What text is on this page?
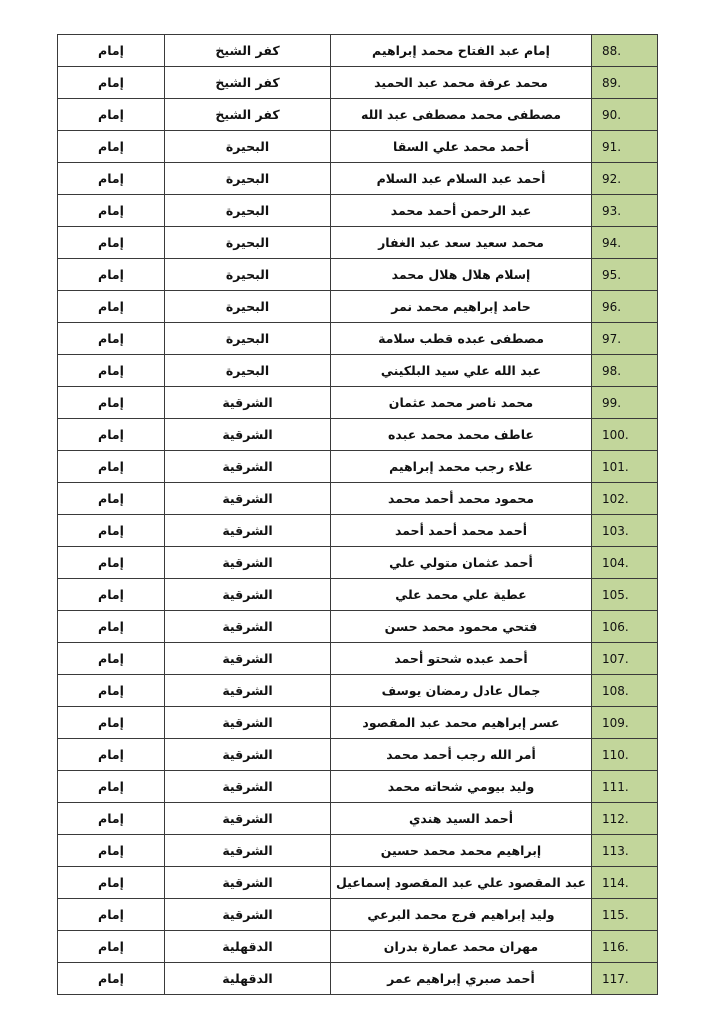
88.	إمام عبد الفتاح محمد إبراهيم	كفر الشيخ	إمام
89.	محمد عرفة محمد عبد الحميد	كفر الشيخ	إمام
90.	مصطفى محمد مصطفى عبد الله	كفر الشيخ	إمام
91.	أحمد محمد علي السقا	البحيرة	إمام
92.	أحمد عبد السلام عبد السلام	البحيرة	إمام
93.	عبد الرحمن أحمد محمد	البحيرة	إمام
94.	محمد سعيد سعد عبد الغفار	البحيرة	إمام
95.	إسلام هلال هلال محمد	البحيرة	إمام
96.	حامد إبراهيم محمد نمر	البحيرة	إمام
97.	مصطفى عبده قطب سلامة	البحيرة	إمام
98.	عبد الله علي سيد البلكيني	البحيرة	إمام
99.	محمد ناصر محمد عثمان	الشرقية	إمام
100.	عاطف محمد محمد عبده	الشرقية	إمام
101.	علاء رجب محمد إبراهيم	الشرقية	إمام
102.	محمود محمد أحمد محمد	الشرقية	إمام
103.	أحمد محمد أحمد أحمد	الشرقية	إمام
104.	أحمد عثمان متولي علي	الشرقية	إمام
105.	عطية علي محمد علي	الشرقية	إمام
106.	فتحي محمود محمد حسن	الشرقية	إمام
107.	أحمد عبده شحتو أحمد	الشرقية	إمام
108.	جمال عادل رمضان يوسف	الشرقية	إمام
109.	عسر إبراهيم محمد عبد المقصود	الشرقية	إمام
110.	أمر الله رجب أحمد محمد	الشرقية	إمام
111.	وليد بيومي شحاته محمد	الشرقية	إمام
112.	أحمد السيد هندي	الشرقية	إمام
113.	إبراهيم محمد محمد حسين	الشرقية	إمام
114.	عبد المقصود علي عبد المقصود إسماعيل	الشرقية	إمام
115.	وليد إبراهيم فرج محمد البرعي	الشرقية	إمام
116.	مهران محمد عمارة بدران	الدقهلية	إمام
117.	أحمد صبري إبراهيم عمر	الدقهلية	إمام
